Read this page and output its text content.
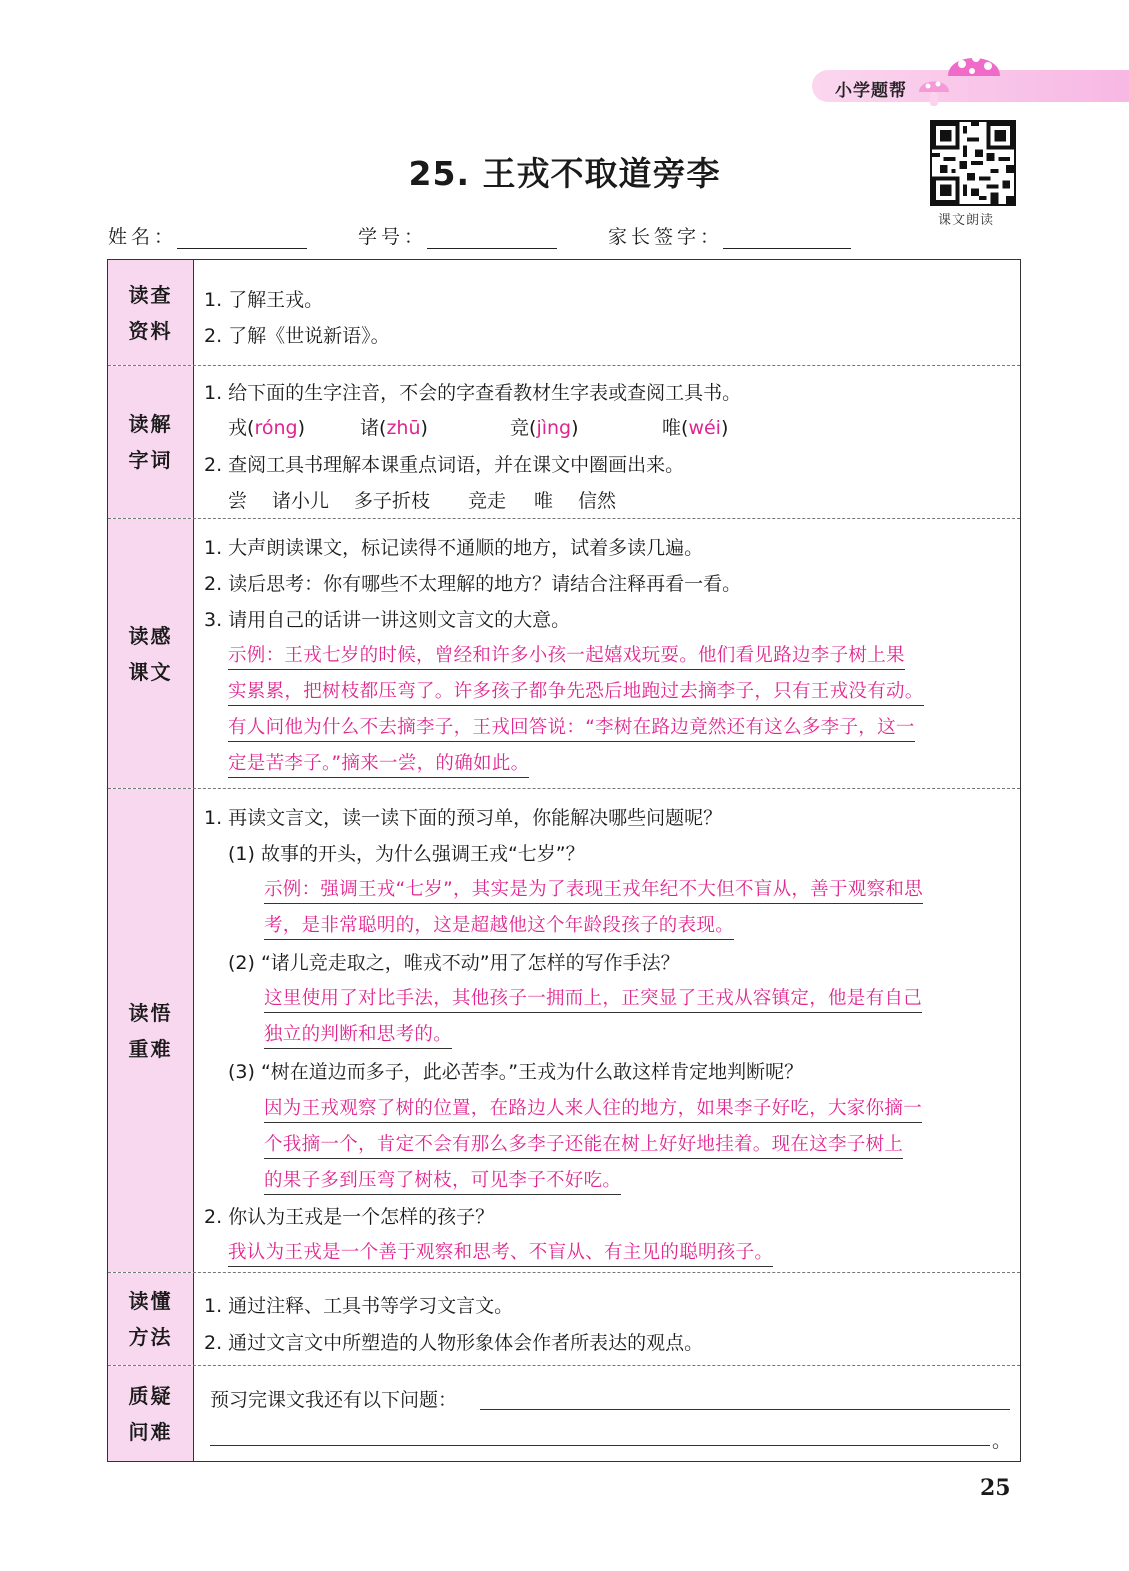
小学题帮
课文朗读
25. 王戎不取道旁李
姓名：	学号：	家长签字：
读查
资料
1. 了解王戎。
2. 了解《世说新语》。
读解
字词
1. 给下面的生字注音，不会的字查看教材生字表或查阅工具书。
戎(róng)	诸(zhū)	竞(jìng)	唯(wéi)
2. 查阅工具书理解本课重点词语，并在课文中圈画出来。
尝 诸小儿 多子折枝 竞走 唯 信然
读感
课文
1. 大声朗读课文，标记读得不通顺的地方，试着多读几遍。
2. 读后思考：你有哪些不太理解的地方？请结合注释再看一看。
3. 请用自己的话讲一讲这则文言文的大意。
示例：王戎七岁的时候，曾经和许多小孩一起嬉戏玩耍。他们看见路边李子树上果
实累累，把树枝都压弯了。许多孩子都争先恐后地跑过去摘李子，只有王戎没有动。
有人问他为什么不去摘李子，王戎回答说：“李树在路边竟然还有这么多李子，这一
定是苦李子。”摘来一尝，的确如此。
读悟
重难
1. 再读文言文，读一读下面的预习单，你能解决哪些问题呢？
(1) 故事的开头，为什么强调王戎“七岁”？
示例：强调王戎“七岁”，其实是为了表现王戎年纪不大但不盲从，善于观察和思
考，是非常聪明的，这是超越他这个年龄段孩子的表现。
(2) “诸儿竞走取之，唯戎不动”用了怎样的写作手法？
这里使用了对比手法，其他孩子一拥而上，正突显了王戎从容镇定，他是有自己
独立的判断和思考的。
(3) “树在道边而多子，此必苦李。”王戎为什么敢这样肯定地判断呢？
因为王戎观察了树的位置，在路边人来人往的地方，如果李子好吃，大家你摘一
个我摘一个，肯定不会有那么多李子还能在树上好好地挂着。现在这李子树上
的果子多到压弯了树枝，可见李子不好吃。
2. 你认为王戎是一个怎样的孩子？
我认为王戎是一个善于观察和思考、不盲从、有主见的聪明孩子。
读懂
方法
1. 通过注释、工具书等学习文言文。
2. 通过文言文中所塑造的人物形象体会作者所表达的观点。
质疑
问难
预习完课文我还有以下问题：
。
25
